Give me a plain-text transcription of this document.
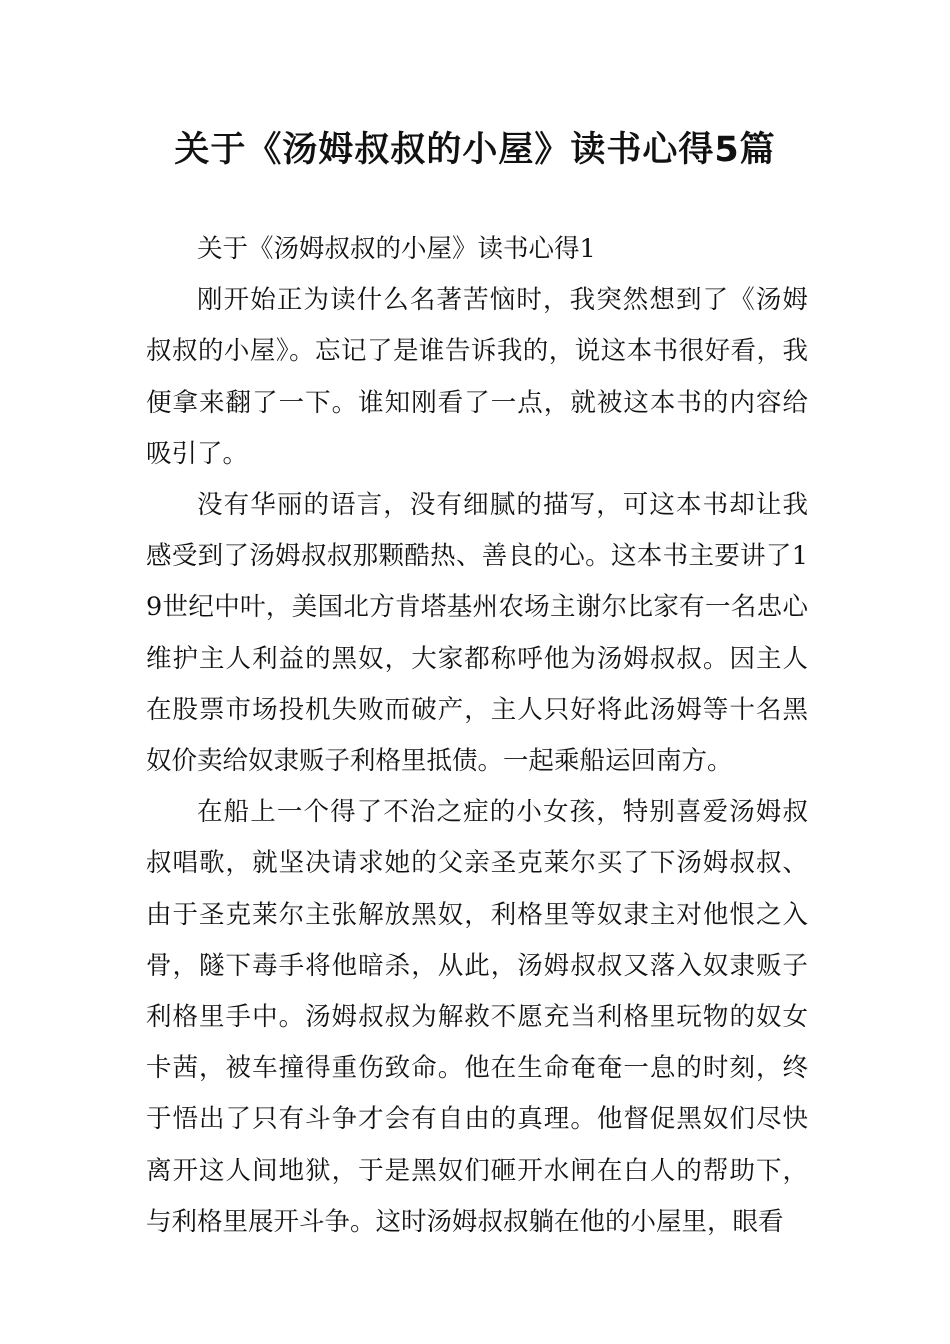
关于《汤姆叔叔的小屋》读书心得5篇

关于《汤姆叔叔的小屋》读书心得1

刚开始正为读什么名著苦恼时，我突然想到了《汤姆叔叔的小屋》。忘记了是谁告诉我的，说这本书很好看，我便拿来翻了一下。谁知刚看了一点，就被这本书的内容给吸引了。

没有华丽的语言，没有细腻的描写，可这本书却让我感受到了汤姆叔叔那颗酷热、善良的心。这本书主要讲了19世纪中叶，美国北方肯塔基州农场主谢尔比家有一名忠心维护主人利益的黑奴，大家都称呼他为汤姆叔叔。因主人在股票市场投机失败而破产，主人只好将此汤姆等十名黑奴价卖给奴隶贩子利格里抵债。一起乘船运回南方。

在船上一个得了不治之症的小女孩，特别喜爱汤姆叔叔唱歌，就坚决请求她的父亲圣克莱尔买了下汤姆叔叔、由于圣克莱尔主张解放黑奴，利格里等奴隶主对他恨之入骨，隧下毒手将他暗杀，从此，汤姆叔叔又落入奴隶贩子利格里手中。汤姆叔叔为解救不愿充当利格里玩物的奴女卡茜，被车撞得重伤致命。他在生命奄奄一息的时刻，终于悟出了只有斗争才会有自由的真理。他督促黑奴们尽快离开这人间地狱，于是黑奴们砸开水闸在白人的帮助下，与利格里展开斗争。这时汤姆叔叔躺在他的小屋里，眼看
